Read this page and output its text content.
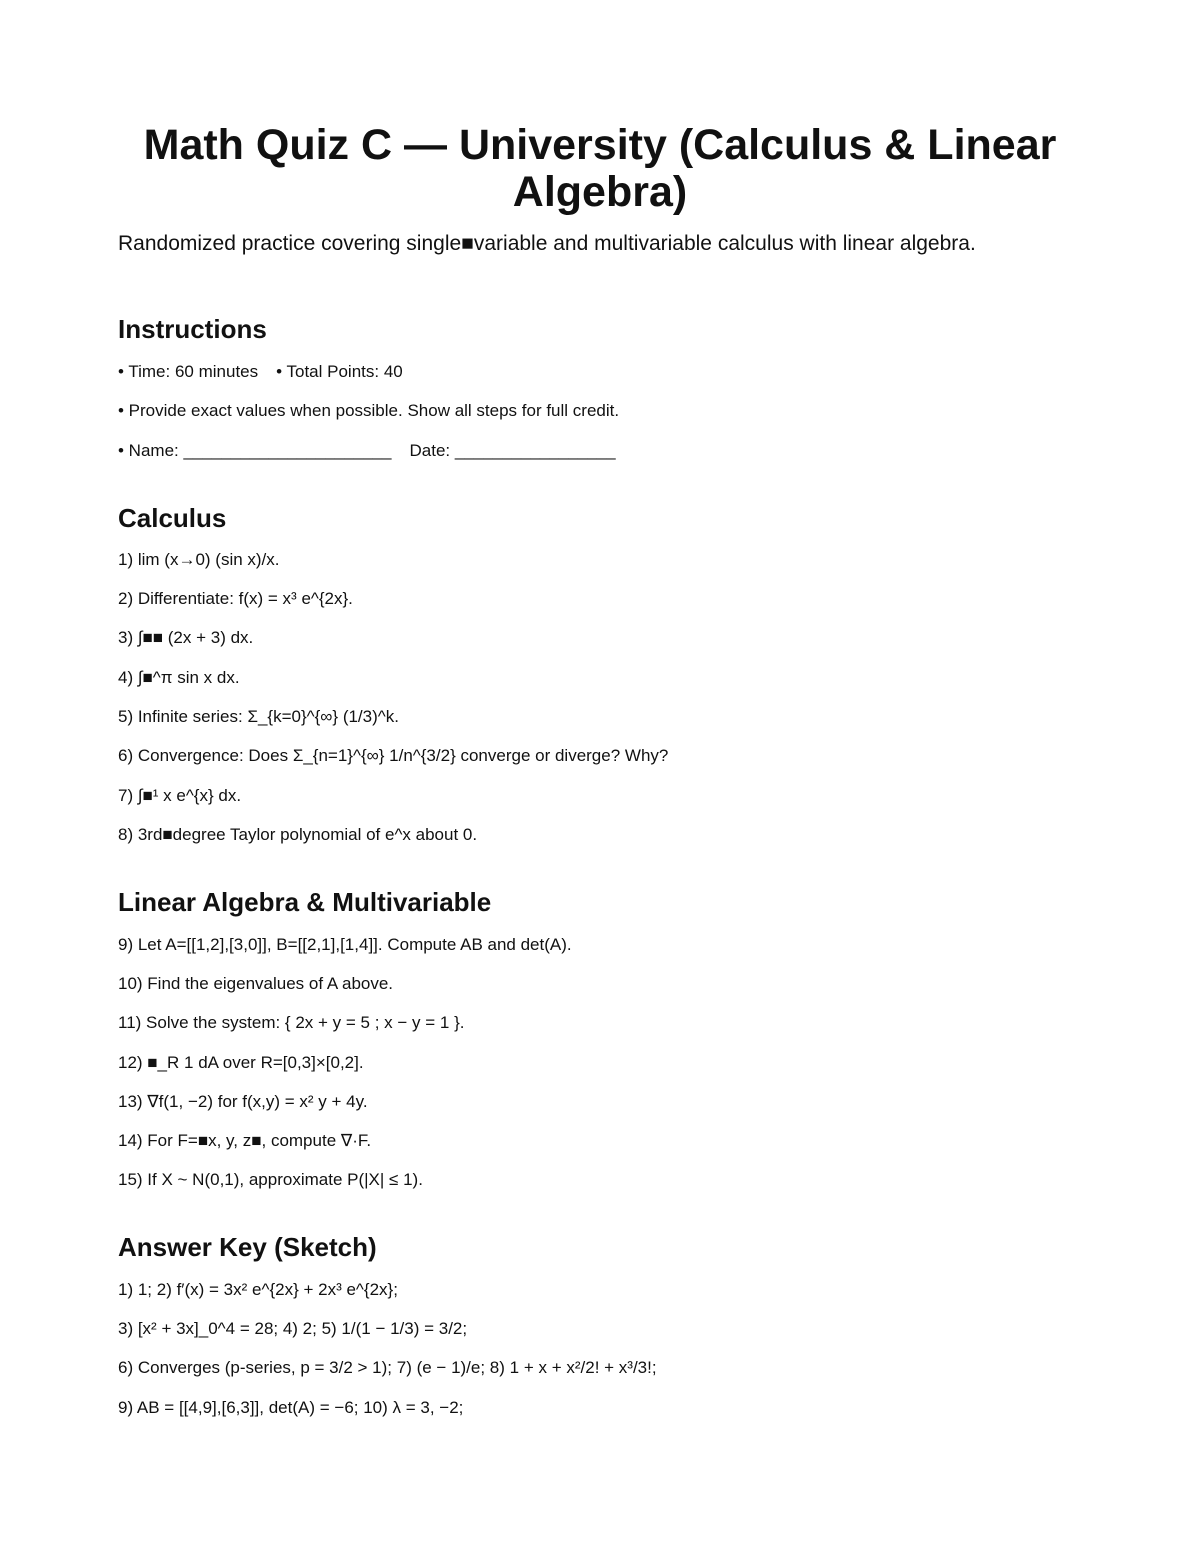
Math Quiz C — University (Calculus & Linear Algebra)

Randomized practice covering single■variable and multivariable calculus with linear algebra.

Instructions

• Time: 60 minutes • Total Points: 40

• Provide exact values when possible. Show all steps for full credit.

• Name: ______________________ Date: _________________

Calculus

1) lim (x→0) (sin x)/x.

2) Differentiate: f(x) = x³ e^{2x}.

3) ∫■■ (2x + 3) dx.

4) ∫■^π sin x dx.

5) Infinite series: Σ_{k=0}^{∞} (1/3)^k.

6) Convergence: Does Σ_{n=1}^{∞} 1/n^{3/2} converge or diverge? Why?

7) ∫■¹ x e^{x} dx.

8) 3rd■degree Taylor polynomial of e^x about 0.

Linear Algebra & Multivariable

9) Let A=[[1,2],[3,0]], B=[[2,1],[1,4]]. Compute AB and det(A).

10) Find the eigenvalues of A above.

11) Solve the system: { 2x + y = 5 ; x − y = 1 }.

12) ■_R 1 dA over R=[0,3]×[0,2].

13) ∇f(1, −2) for f(x,y) = x² y + 4y.

14) For F=■x, y, z■, compute ∇·F.

15) If X ~ N(0,1), approximate P(|X| ≤ 1).

Answer Key (Sketch)

1) 1; 2) f′(x) = 3x² e^{2x} + 2x³ e^{2x};

3) [x² + 3x]_0^4 = 28; 4) 2; 5) 1/(1 − 1/3) = 3/2;

6) Converges (p-series, p = 3/2 > 1); 7) (e − 1)/e; 8) 1 + x + x²/2! + x³/3!;

9) AB = [[4,9],[6,3]], det(A) = −6; 10) λ = 3, −2;
